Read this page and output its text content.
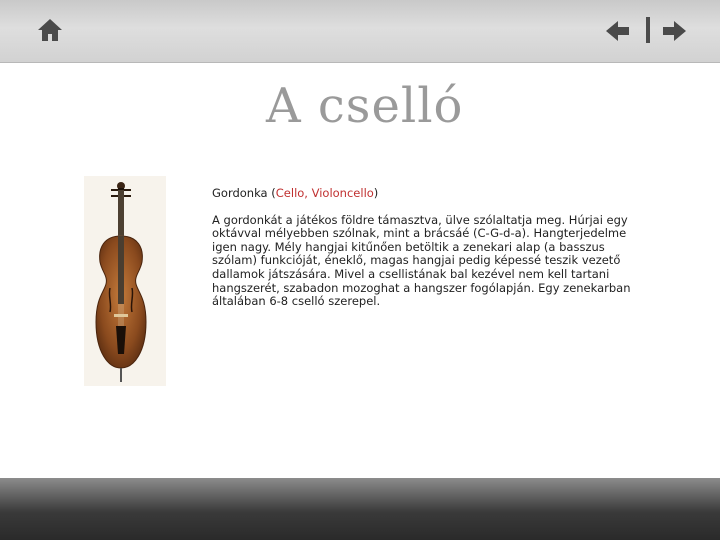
A cselló

Gordonka (Cello, Violoncello)

A gordonkát a játékos földre támasztva, ülve szólaltatja meg. Húrjai egy oktávval mélyebben szólnak, mint a brácsáé (C-G-d-a). Hangterjedelme igen nagy. Mély hangjai kitűnően betöltik a zenekari alap (a basszus szólam) funkcióját, éneklő, magas hangjai pedig képessé teszik vezető dallamok játszására. Mivel a csellistának bal kezével nem kell tartani hangszerét, szabadon mozoghat a hangszer fogólapján. Egy zenekarban általában 6-8 cselló szerepel.
